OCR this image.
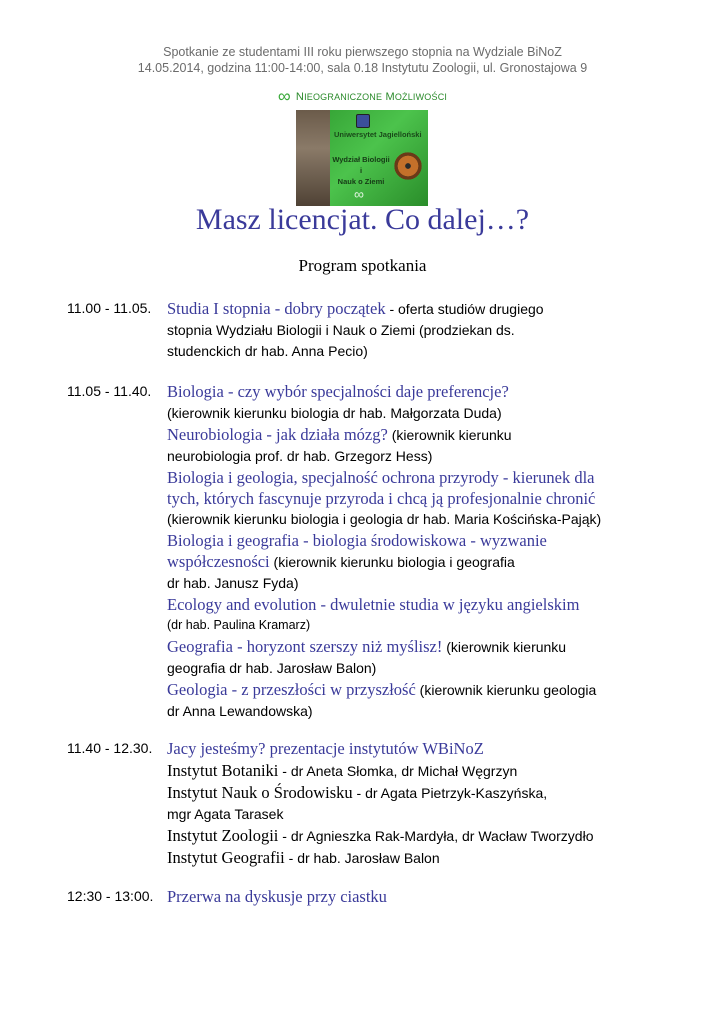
Spotkanie ze studentami III roku pierwszego stopnia na Wydziale BiNoZ
14.05.2014, godzina 11:00-14:00, sala 0.18 Instytutu Zoologii, ul. Gronostajowa 9
∞ NIEOGRANICZONE MOŻLIWOŚCI
Uniwersytet Jagielloński
Wydział Biologii
i
Nauk o Ziemi
∞
Masz licencjat. Co dalej…?
Program spotkania
11.00 - 11.05. Studia I stopnia - dobry początek - oferta studiów drugiego
stopnia Wydziału Biologii i Nauk o Ziemi (prodziekan ds.
studenckich dr hab. Anna Pecio)
11.05 - 11.40. Biologia - czy wybór specjalności daje preferencje?
(kierownik kierunku biologia dr hab. Małgorzata Duda)
Neurobiologia - jak działa mózg? (kierownik kierunku
neurobiologia prof. dr hab. Grzegorz Hess)
Biologia i geologia, specjalność ochrona przyrody - kierunek dla
tych, których fascynuje przyroda i chcą ją profesjonalnie chronić
(kierownik kierunku biologia i geologia dr hab. Maria Kościńska-Pająk)
Biologia i geografia - biologia środowiskowa - wyzwanie
współczesności (kierownik kierunku biologia i geografia
dr hab. Janusz Fyda)
Ecology and evolution - dwuletnie studia w języku angielskim
(dr hab. Paulina Kramarz)
Geografia - horyzont szerszy niż myślisz! (kierownik kierunku
geografia dr hab. Jarosław Balon)
Geologia - z przeszłości w przyszłość (kierownik kierunku geologia
dr Anna Lewandowska)
11.40 - 12.30. Jacy jesteśmy? prezentacje instytutów WBiNoZ
Instytut Botaniki - dr Aneta Słomka, dr Michał Węgrzyn
Instytut Nauk o Środowisku - dr Agata Pietrzyk-Kaszyńska,
mgr Agata Tarasek
Instytut Zoologii - dr Agnieszka Rak-Mardyła, dr Wacław Tworzydło
Instytut Geografii - dr hab. Jarosław Balon
12:30 - 13:00. Przerwa na dyskusje przy ciastku
